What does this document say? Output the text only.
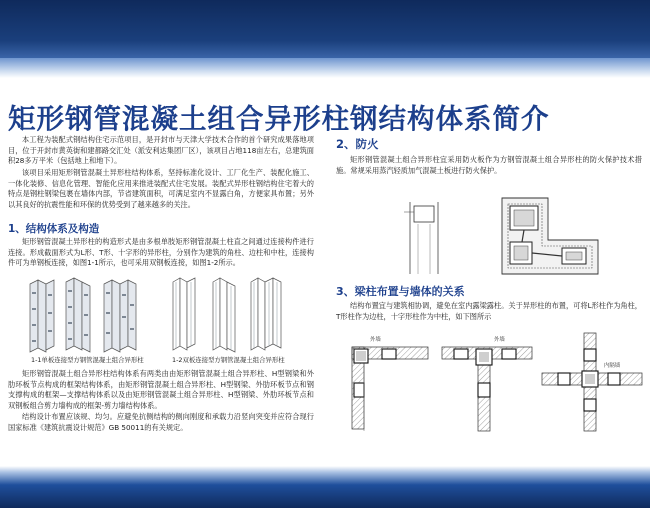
矩形钢管混凝土组合异形柱钢结构体系简介

本工程为装配式钢结构住宅示范项目，是开封市与天津大学技术合作的首个研究成果落地项目，位于开封市黄英街和建都路交汇处（派安利达集团厂区），该项目占地118亩左右，总建筑面积28多万平米（包括地上和地下）。

该项目采用矩形钢管混凝土异形柱结构体系，坚持标准化设计、工厂化生产、装配化施工、一体化装修、信息化管理、智能化应用来推进装配式住宅发展。装配式异形柱钢结构住宅着大的特点是钢柱钢梁包裹在墙体内部，节省建筑面积，可满足室内不显露白角，方便家具布置；另外以其良好的抗震性能和环保的优势受到了越来越多的关注。

1、结构体系及构造

矩形钢管混凝土异形柱的构造形式是由多根单肢矩形钢管混凝土柱直之间通过连接构件进行连接。形成截面形式为L形、T形、十字形的异形柱，分别作为建筑的角柱、边柱和中柱，连接构件可为单钢板连接，如图1-1所示，也可采用双钢板连接，如图1-2所示。

1-1单板连接型方钢管混凝土组合异形柱	1-2双板连接型方钢管混凝土组合异形柱

矩形钢管混凝土组合异形柱结构体系有两类由由矩形钢管混凝土组合异形柱、H型钢梁和外肋环板节点构成的框架结构体系，由矩形钢管混凝土组合异形柱、H型钢梁、外肋环板节点和钢支撑构成的框架—支撑结构体系以及由矩形钢管混凝土组合异形柱、H型钢梁、外肋环板节点和双钢板组合剪力墙构成的框架-剪力墙结构体系。

结构设计布置应该规、均匀。应避免抗侧结构的侧向刚度和承载力沿竖向突变并应符合现行国家标准《建筑抗震设计规范》GB 50011的有关规定。

2、防火

矩形钢管混凝土组合异形柱宜采用防火板作为方钢管混凝土组合异形柱的防火保护技术措施。常规采用蒸汽轻质加气混凝土板进行防火保护。

3、梁柱布置与墙体的关系

结构布置宜与建筑相协调，避免在室内露梁露柱。关于异形柱的布置，可将L形柱作为角柱，T形柱作为边柱，十字形柱作为中柱，如下图所示

外墙	外墙
内隔墙
